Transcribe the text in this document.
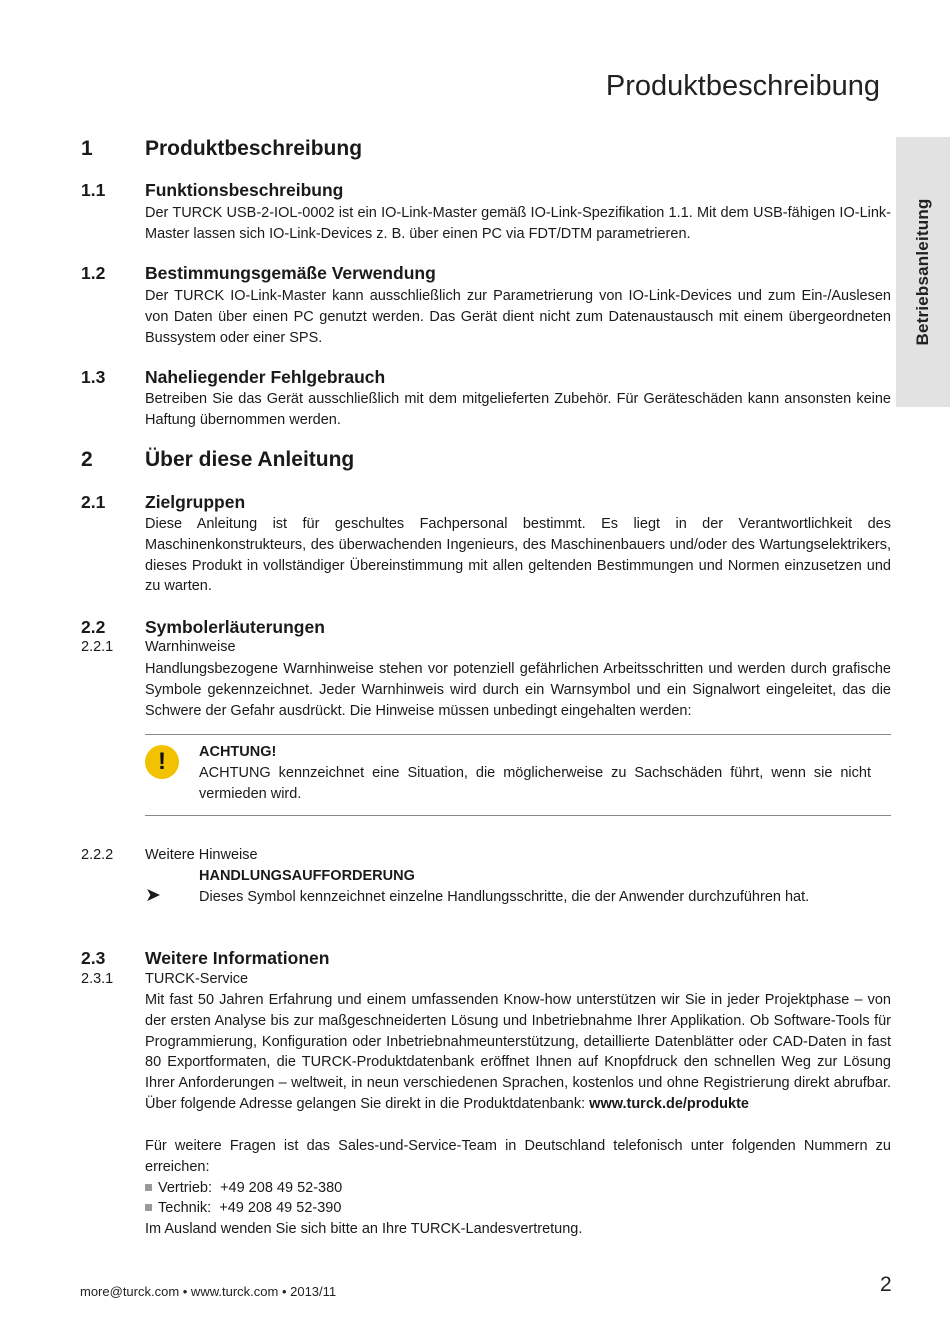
Produktbeschreibung
Betriebsanleitung
1 Produktbeschreibung
1.1 Funktionsbeschreibung
Der TURCK USB-2-IOL-0002 ist ein IO-Link-Master gemäß IO-Link-Spezifikation 1.1. Mit dem USB-fähigen IO-Link-Master lassen sich IO-Link-Devices z. B. über einen PC via FDT/DTM parametrieren.
1.2 Bestimmungsgemäße Verwendung
Der TURCK IO-Link-Master kann ausschließlich zur Parametrierung von IO-Link-Devices und zum Ein-/Auslesen von Daten über einen PC genutzt werden. Das Gerät dient nicht zum Datenaustausch mit einem übergeordneten Bussystem oder einer SPS.
1.3 Naheliegender Fehlgebrauch
Betreiben Sie das Gerät ausschließlich mit dem mitgelieferten Zubehör. Für Geräteschäden kann ansonsten keine Haftung übernommen werden.
2 Über diese Anleitung
2.1 Zielgruppen
Diese Anleitung ist für geschultes Fachpersonal bestimmt. Es liegt in der Verantwortlichkeit des Maschinenkonstrukteurs, des überwachenden Ingenieurs, des Maschinenbauers und/oder des Wartungselektrikers, dieses Produkt in vollständiger Übereinstimmung mit allen geltenden Bestimmungen und Normen einzusetzen und zu warten.
2.2 Symbolerläuterungen
2.2.1 Warnhinweise
Handlungsbezogene Warnhinweise stehen vor potenziell gefährlichen Arbeitsschritten und werden durch grafische Symbole gekennzeichnet. Jeder Warnhinweis wird durch ein Warnsymbol und ein Signalwort eingeleitet, das die Schwere der Gefahr ausdrückt. Die Hinweise müssen unbedingt eingehalten werden:
!	ACHTUNG!
ACHTUNG kennzeichnet eine Situation, die möglicherweise zu Sachschäden führt, wenn sie nicht vermieden wird.
2.2.2 Weitere Hinweise
HANDLUNGSAUFFORDERUNG
➤	Dieses Symbol kennzeichnet einzelne Handlungsschritte, die der Anwender durchzuführen hat.
2.3 Weitere Informationen
2.3.1 TURCK-Service
Mit fast 50 Jahren Erfahrung und einem umfassenden Know-how unterstützen wir Sie in jeder Projektphase – von der ersten Analyse bis zur maßgeschneiderten Lösung und Inbetriebnahme Ihrer Applikation. Ob Software-Tools für Programmierung, Konfiguration oder Inbetriebnahmeunterstützung, detaillierte Datenblätter oder CAD-Daten in fast 80 Exportformaten, die TURCK-Produktdatenbank eröffnet Ihnen auf Knopfdruck den schnellen Weg zur Lösung Ihrer Anforderungen – weltweit, in neun verschiedenen Sprachen, kostenlos und ohne Registrierung direkt abrufbar. Über folgende Adresse gelangen Sie direkt in die Produktdatenbank: www.turck.de/produkte
Für weitere Fragen ist das Sales-und-Service-Team in Deutschland telefonisch unter folgenden Nummern zu erreichen:
Vertrieb: +49 208 49 52-380
Technik: +49 208 49 52-390
Im Ausland wenden Sie sich bitte an Ihre TURCK-Landesvertretung.
more@turck.com • www.turck.com • 2013/11	2
